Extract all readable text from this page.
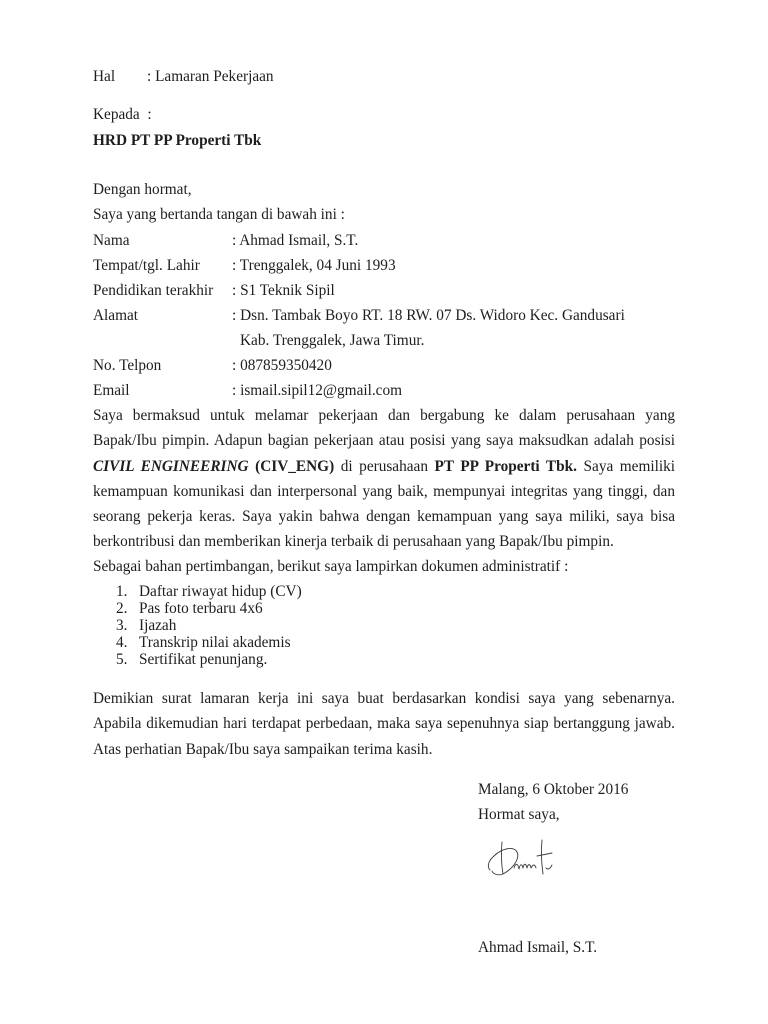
Hal : Lamaran Pekerjaan
Kepada  :
HRD PT PP Properti Tbk
Dengan hormat,
Saya yang bertanda tangan di bawah ini :
Nama	: Ahmad Ismail, S.T.
Tempat/tgl. Lahir : Trenggalek, 04 Juni 1993
Pendidikan terakhir : S1 Teknik Sipil
Alamat	: Dsn. Tambak Boyo RT. 18 RW. 07 Ds. Widoro Kec. Gandusari
Kab. Trenggalek, Jawa Timur.
No. Telpon	: 087859350420
Email	: ismail.sipil12@gmail.com
Saya bermaksud untuk melamar pekerjaan dan bergabung ke dalam perusahaan yang
Bapak/Ibu pimpin. Adapun bagian pekerjaan atau posisi yang saya maksudkan adalah posisi
CIVIL ENGINEERING (CIV_ENG) di perusahaan PT PP Properti Tbk. Saya memiliki
kemampuan komunikasi dan interpersonal yang baik, mempunyai integritas yang tinggi, dan
seorang pekerja keras. Saya yakin bahwa dengan kemampuan yang saya miliki, saya bisa
berkontribusi dan memberikan kinerja terbaik di perusahaan yang Bapak/Ibu pimpin.
Sebagai bahan pertimbangan, berikut saya lampirkan dokumen administratif :
1. Daftar riwayat hidup (CV)
2. Pas foto terbaru 4x6
3. Ijazah
4. Transkrip nilai akademis
5. Sertifikat penunjang.
Demikian surat lamaran kerja ini saya buat berdasarkan kondisi saya yang sebenarnya.
Apabila dikemudian hari terdapat perbedaan, maka saya sepenuhnya siap bertanggung jawab.
Atas perhatian Bapak/Ibu saya sampaikan terima kasih.
Malang, 6 Oktober 2016
Hormat saya,
Ahmad Ismail, S.T.
